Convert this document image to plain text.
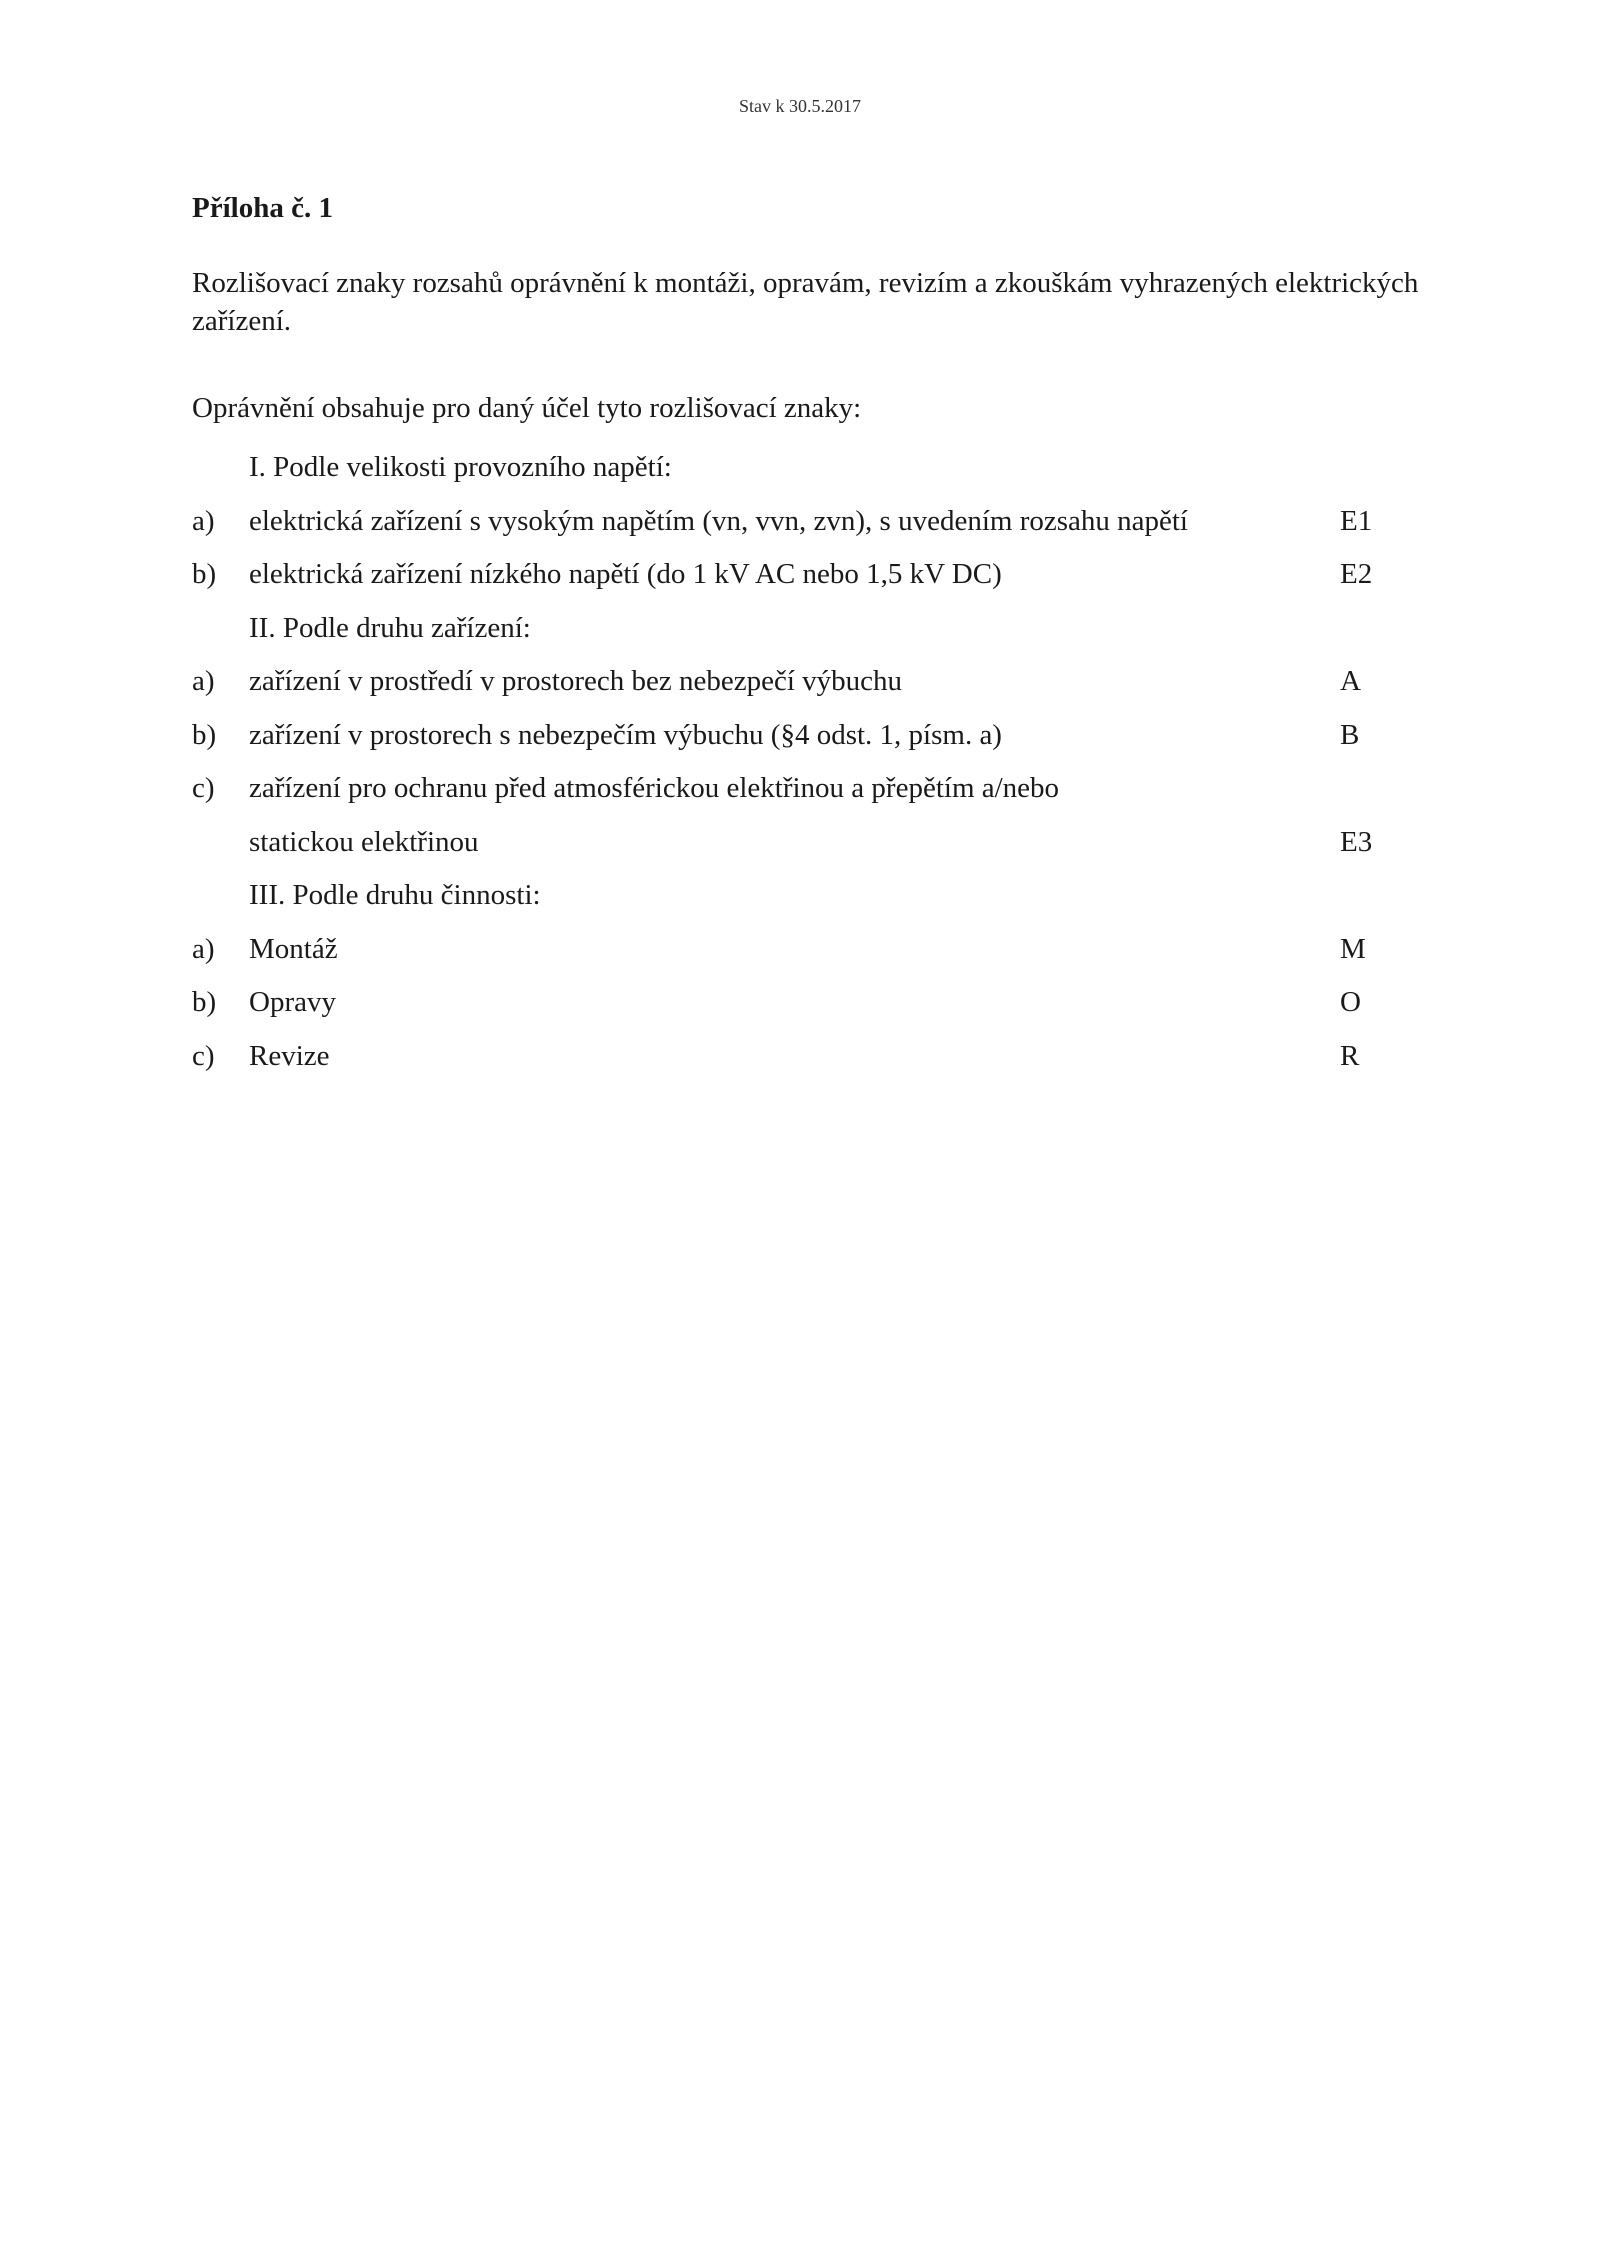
Stav k 30.5.2017
Příloha č. 1
Rozlišovací znaky rozsahů oprávnění k montáži, opravám, revizím a zkouškám vyhrazených elektrických zařízení.
Oprávnění obsahuje pro daný účel tyto rozlišovací znaky:
I. Podle velikosti provozního napětí:
a) elektrická zařízení s vysokým napětím (vn, vvn, zvn), s uvedením rozsahu napětí	E1
b) elektrická zařízení nízkého napětí (do 1 kV AC nebo 1,5 kV DC)	E2
II. Podle druhu zařízení:
a) zařízení v prostředí v prostorech bez nebezpečí výbuchu	A
b) zařízení v prostorech s nebezpečím výbuchu (§4 odst. 1, písm. a)	B
c) zařízení pro ochranu před atmosférickou elektřinou a přepětím a/nebo
statickou elektřinou	E3
III. Podle druhu činnosti:
a) Montáž	M
b) Opravy	O
c) Revize	R
